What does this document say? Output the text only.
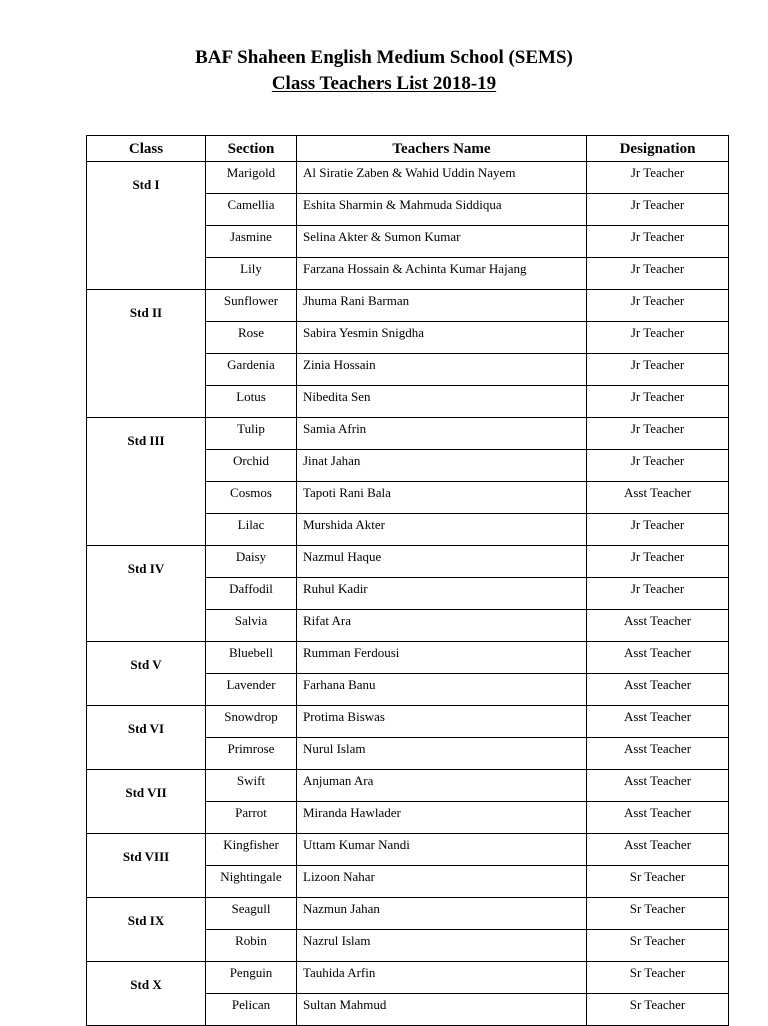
BAF Shaheen English Medium School (SEMS)
Class Teachers List 2018-19
Class	Section	Teachers Name	Designation
Std I	Marigold	Al Siratie Zaben & Wahid Uddin Nayem	Jr Teacher
	Camellia	Eshita Sharmin & Mahmuda Siddiqua	Jr Teacher
	Jasmine	Selina Akter & Sumon Kumar	Jr Teacher
	Lily	Farzana Hossain & Achinta Kumar Hajang	Jr Teacher
Std II	Sunflower	Jhuma Rani Barman	Jr Teacher
	Rose	Sabira Yesmin Snigdha	Jr Teacher
	Gardenia	Zinia Hossain	Jr Teacher
	Lotus	Nibedita Sen	Jr Teacher
Std III	Tulip	Samia Afrin	Jr Teacher
	Orchid	Jinat Jahan	Jr Teacher
	Cosmos	Tapoti Rani Bala	Asst Teacher
	Lilac	Murshida Akter	Jr Teacher
Std IV	Daisy	Nazmul Haque	Jr Teacher
	Daffodil	Ruhul Kadir	Jr Teacher
	Salvia	Rifat Ara	Asst Teacher
Std V	Bluebell	Rumman Ferdousi	Asst Teacher
	Lavender	Farhana Banu	Asst Teacher
Std VI	Snowdrop	Protima Biswas	Asst Teacher
	Primrose	Nurul Islam	Asst Teacher
Std VII	Swift	Anjuman Ara	Asst Teacher
	Parrot	Miranda Hawlader	Asst Teacher
Std VIII	Kingfisher	Uttam Kumar Nandi	Asst Teacher
	Nightingale	Lizoon Nahar	Sr Teacher
Std IX	Seagull	Nazmun Jahan	Sr Teacher
	Robin	Nazrul Islam	Sr Teacher
Std X	Penguin	Tauhida Arfin	Sr Teacher
	Pelican	Sultan Mahmud	Sr Teacher
